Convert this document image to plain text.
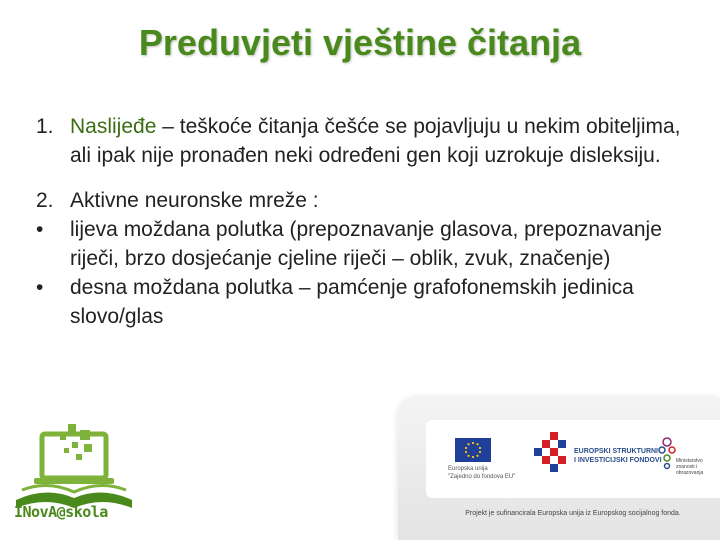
Preduvjeti vještine čitanja
1. Naslijeđe – teškoće čitanja češće se pojavljuju u nekim obiteljima, ali ipak nije pronađen neki određeni gen koji uzrokuje disleksiju.
2. Aktivne neuronske mreže :
•	lijeva moždana polutka (prepoznavanje glasova, prepoznavanje riječi, brzo dosjećanje cjeline riječi – oblik, zvuk, značenje)
•	desna moždana polutka – pamćenje grafofonemskih jedinica slovo/glas
INovA@skola
Europska unija
"Zajedno do fondova EU"
EUROPSKI STRUKTURNI
I INVESTICIJSKI FONDOVI	Ministarstvo znanosti i obrazovanja
Projekt je sufinancirala Europska unija iz Europskog socijalnog fonda.
